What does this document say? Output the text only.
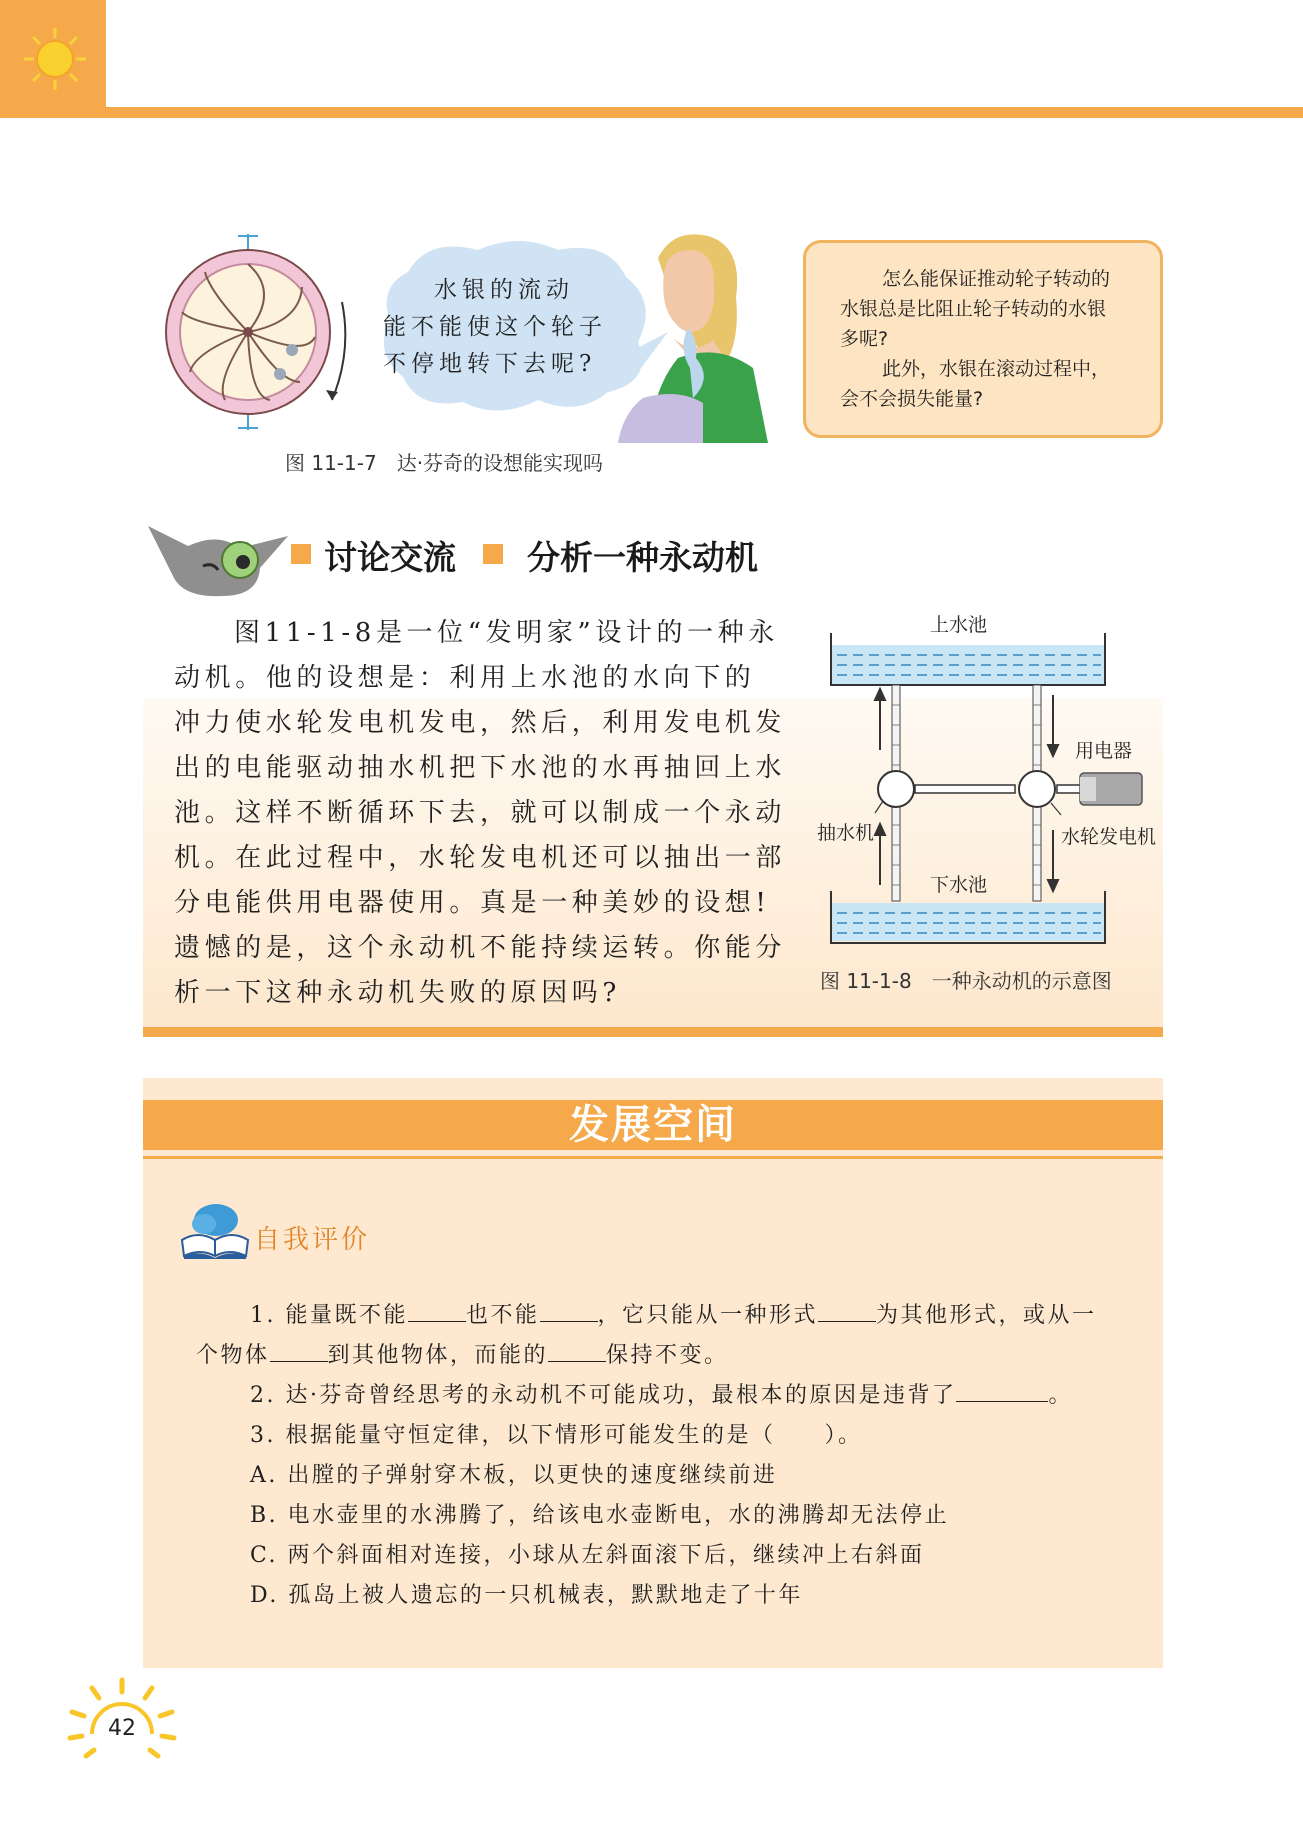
水银的流动
能不能使这个轮子
不停地转下去呢?
怎么能保证推动轮子转动的
水银总是比阻止轮子转动的水银
多呢?
此外，水银在滚动过程中，
会不会损失能量?
图 11-1-7　达·芬奇的设想能实现吗
讨论交流 分析一种永动机
图11-1-8是一位“发明家”设计的一种永
动机。他的设想是：利用上水池的水向下的
冲力使水轮发电机发电，然后，利用发电机发
出的电能驱动抽水机把下水池的水再抽回上水
池。这样不断循环下去，就可以制成一个永动
机。在此过程中，水轮发电机还可以抽出一部
分电能供用电器使用。真是一种美妙的设想!
遗憾的是，这个永动机不能持续运转。你能分
析一下这种永动机失败的原因吗?
上水池
用电器
抽水机	水轮发电机
下水池
图 11-1-8　一种永动机的示意图
发展空间
自我评价
1. 能量既不能	也不能	，它只能从一种形式	为其他形式，或从一
个物体	到其他物体，而能的	保持不变。
2. 达·芬奇曾经思考的永动机不可能成功，最根本的原因是违背了	。
3. 根据能量守恒定律，以下情形可能发生的是（　　）。
A. 出膛的子弹射穿木板，以更快的速度继续前进
B. 电水壶里的水沸腾了，给该电水壶断电，水的沸腾却无法停止
C. 两个斜面相对连接，小球从左斜面滚下后，继续冲上右斜面
D. 孤岛上被人遗忘的一只机械表，默默地走了十年
42
